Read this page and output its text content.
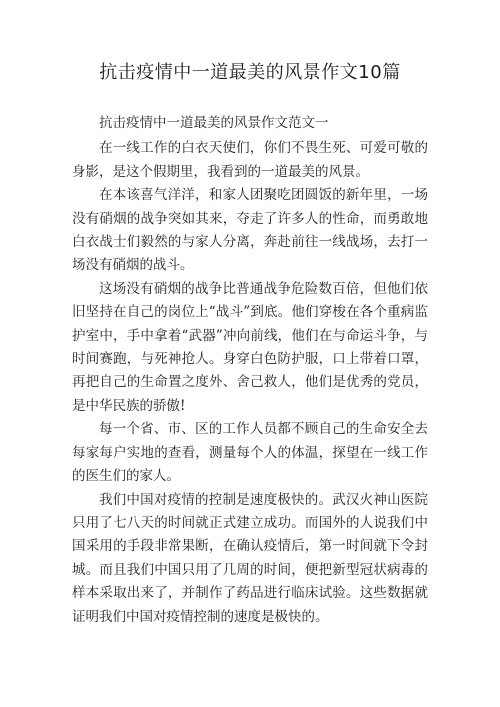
抗击疫情中一道最美的风景作文10篇

抗击疫情中一道最美的风景作文范文一

在一线工作的白衣天使们，你们不畏生死、可爱可敬的身影，是这个假期里，我看到的一道最美的风景。

在本该喜气洋洋，和家人团聚吃团圆饭的新年里，一场没有硝烟的战争突如其来，夺走了许多人的性命，而勇敢地白衣战士们毅然的与家人分离，奔赴前往一线战场，去打一场没有硝烟的战斗。

这场没有硝烟的战争比普通战争危险数百倍，但他们依旧坚持在自己的岗位上“战斗”到底。他们穿梭在各个重病监护室中，手中拿着“武器”冲向前线，他们在与命运斗争，与时间赛跑，与死神抢人。身穿白色防护服，口上带着口罩，再把自己的生命置之度外、舍己救人，他们是优秀的党员，是中华民族的骄傲!

每一个省、市、区的工作人员都不顾自己的生命安全去每家每户实地的查看，测量每个人的体温，探望在一线工作的医生们的家人。

我们中国对疫情的控制是速度极快的。武汉火神山医院只用了七八天的时间就正式建立成功。而国外的人说我们中国采用的手段非常果断，在确认疫情后，第一时间就下令封城。而且我们中国只用了几周的时间，便把新型冠状病毒的样本采取出来了，并制作了药品进行临床试验。这些数据就证明我们中国对疫情控制的速度是极快的。
